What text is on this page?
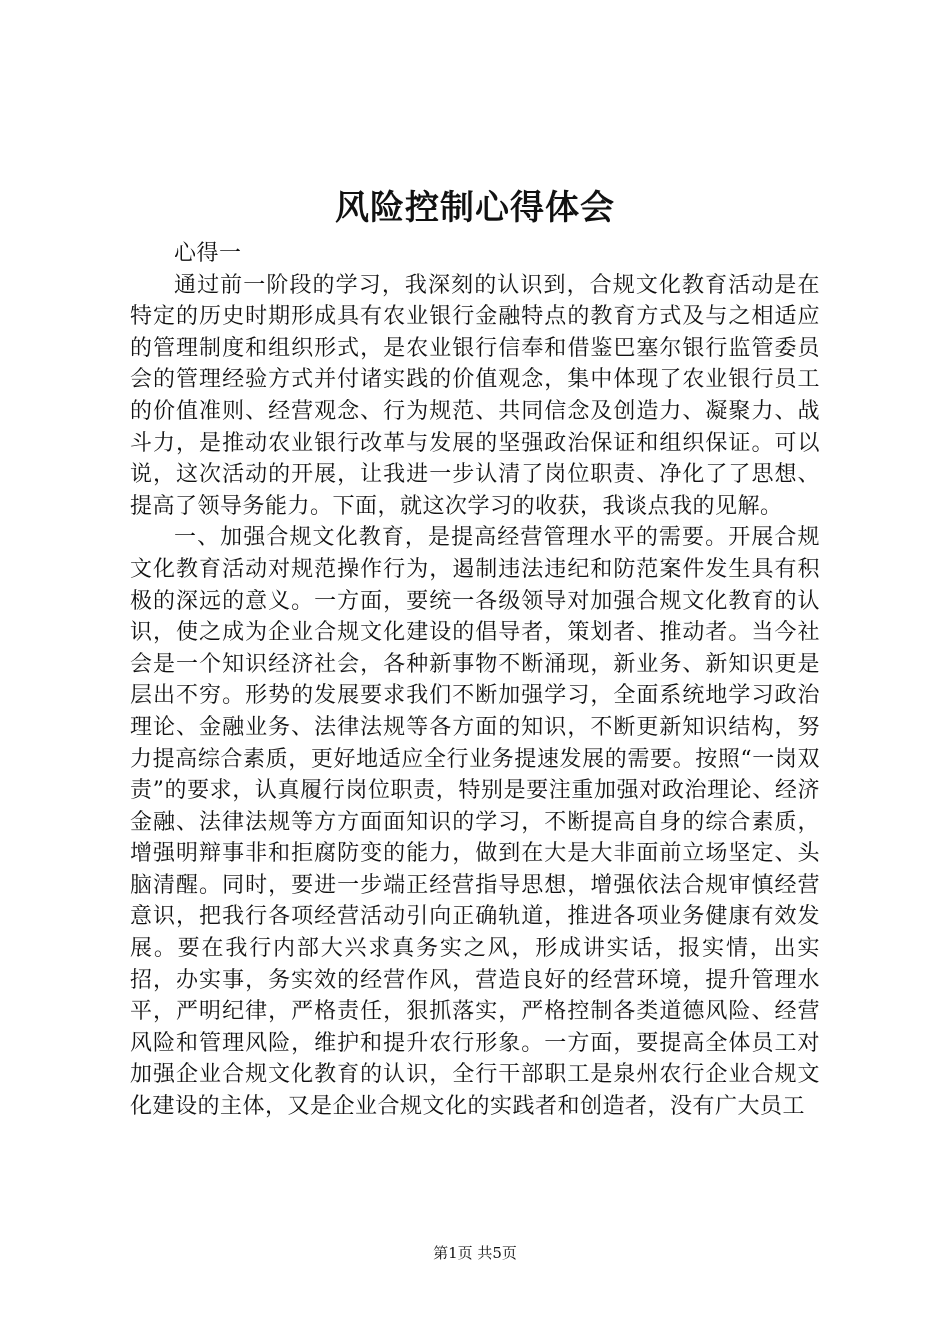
风险控制心得体会

心得一

通过前一阶段的学习，我深刻的认识到，合规文化教育活动是在特定的历史时期形成具有农业银行金融特点的教育方式及与之相适应的管理制度和组织形式，是农业银行信奉和借鉴巴塞尔银行监管委员会的管理经验方式并付诸实践的价值观念，集中体现了农业银行员工的价值准则、经营观念、行为规范、共同信念及创造力、凝聚力、战斗力，是推动农业银行改革与发展的坚强政治保证和组织保证。可以说，这次活动的开展，让我进一步认清了岗位职责、净化了了思想、提高了领导务能力。下面，就这次学习的收获，我谈点我的见解。

一、加强合规文化教育，是提高经营管理水平的需要。开展合规文化教育活动对规范操作行为，遏制违法违纪和防范案件发生具有积极的深远的意义。一方面，要统一各级领导对加强合规文化教育的认识，使之成为企业合规文化建设的倡导者，策划者、推动者。当今社会是一个知识经济社会，各种新事物不断涌现，新业务、新知识更是层出不穷。形势的发展要求我们不断加强学习，全面系统地学习政治理论、金融业务、法律法规等各方面的知识，不断更新知识结构，努力提高综合素质，更好地适应全行业务提速发展的需要。按照“一岗双责”的要求，认真履行岗位职责，特别是要注重加强对政治理论、经济金融、法律法规等方方面面知识的学习，不断提高自身的综合素质，增强明辩事非和拒腐防变的能力，做到在大是大非面前立场坚定、头脑清醒。同时，要进一步端正经营指导思想，增强依法合规审慎经营意识，把我行各项经营活动引向正确轨道，推进各项业务健康有效发展。要在我行内部大兴求真务实之风，形成讲实话，报实情，出实招，办实事，务实效的经营作风，营造良好的经营环境，提升管理水平，严明纪律，严格责任，狠抓落实，严格控制各类道德风险、经营风险和管理风险，维护和提升农行形象。一方面，要提高全体员工对加强企业合规文化教育的认识，全行干部职工是泉州农行企业合规文化建设的主体，又是企业合规文化的实践者和创造者，没有广大员工

第1页 共5页
